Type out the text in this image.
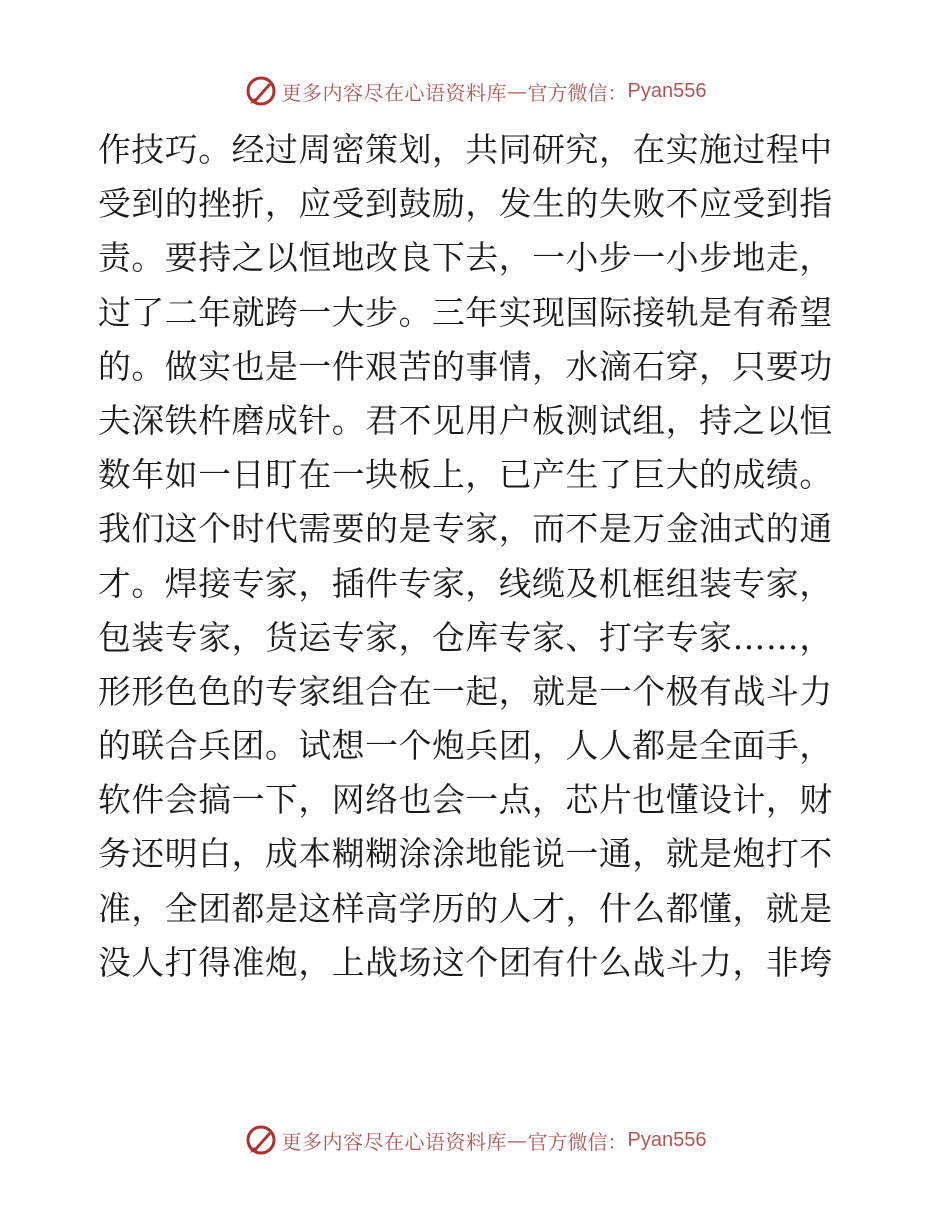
更多内容尽在心语资料库 — 官方微信： Pyan556
作技巧。经过周密策划，共同研究，在实施过程中
受到的挫折，应受到鼓励，发生的失败不应受到指
责。要持之以恒地改良下去，一小步一小步地走，
过了二年就跨一大步。三年实现国际接轨是有希望
的。做实也是一件艰苦的事情，水滴石穿，只要功
夫深铁杵磨成针。君不见用户板测试组，持之以恒
数年如一日盯在一块板上，已产生了巨大的成绩。
我们这个时代需要的是专家，而不是万金油式的通
才。焊接专家，插件专家，线缆及机框组装专家，
包装专家，货运专家，仓库专家、打字专家……，
形形色色的专家组合在一起，就是一个极有战斗力
的联合兵团。试想一个炮兵团，人人都是全面手，
软件会搞一下，网络也会一点，芯片也懂设计，财
务还明白，成本糊糊涂涂地能说一通，就是炮打不
准，全团都是这样高学历的人才，什么都懂，就是
没人打得准炮，上战场这个团有什么战斗力，非垮
更多内容尽在心语资料库 — 官方微信： Pyan556
